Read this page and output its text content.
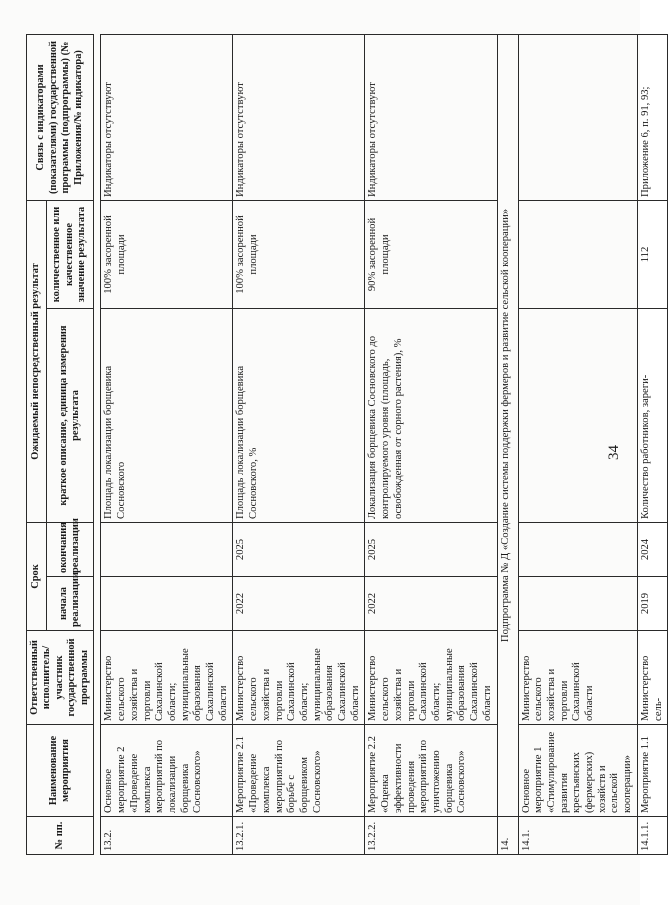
34
№ пп.	Наименование мероприятия	Ответственный исполнитель/участник государственной программы	Срок		Ожидаемый непосредственный результат		Связь с индикаторами (показателями) государственной программы (подпрограммы) (№ Приложения/№ индикатора)
			начала реализации	окончания реализации	краткое описание, единица измерения результата	количественное или качественное значение результата	

13.2.	Основное мероприятие 2 «Проведение комплекса мероприятий по локализации борщевика Сосновского»	Министерство сельского хозяйства и торговли Сахалинской области; муниципальные образования Сахалинской области			Площадь локализации борщевика Сосновского	100% засоренной площади	Индикаторы отсутствуют
13.2.1.	Мероприятие 2.1 «Проведение комплекса мероприятий по борьбе с борщевиком Сосновского»	Министерство сельского хозяйства и торговли Сахалинской области; муниципальные образования Сахалинской области	2022	2025	Площадь локализации борщевика Сосновского, %	100% засоренной площади	Индикаторы отсутствуют
13.2.2.	Мероприятие 2.2 «Оценка эффективности проведения мероприятий по уничтожению борщевика Сосновского»	Министерство сельского хозяйства и торговли Сахалинской области; муниципальные образования Сахалинской области	2022	2025	Локализация борщевика Сосновского до контролируемого уровня (площадь, освобожденная от сорного растения), %	90% засоренной площади	Индикаторы отсутствуют
14.	Подпрограмма № Д «Создание системы поддержки фермеров и развитие сельской кооперации»						
14.1.	Основное мероприятие 1 «Стимулирование развития крестьянских (фермерских) хозяйств и сельской кооперации»	Министерство сельского хозяйства и торговли Сахалинской области					
14.1.1.	Мероприятие 1.1	Министерство сель-	2019	2024	Количество работников, зареги-	112	Приложение 6, п. 91, 93;
